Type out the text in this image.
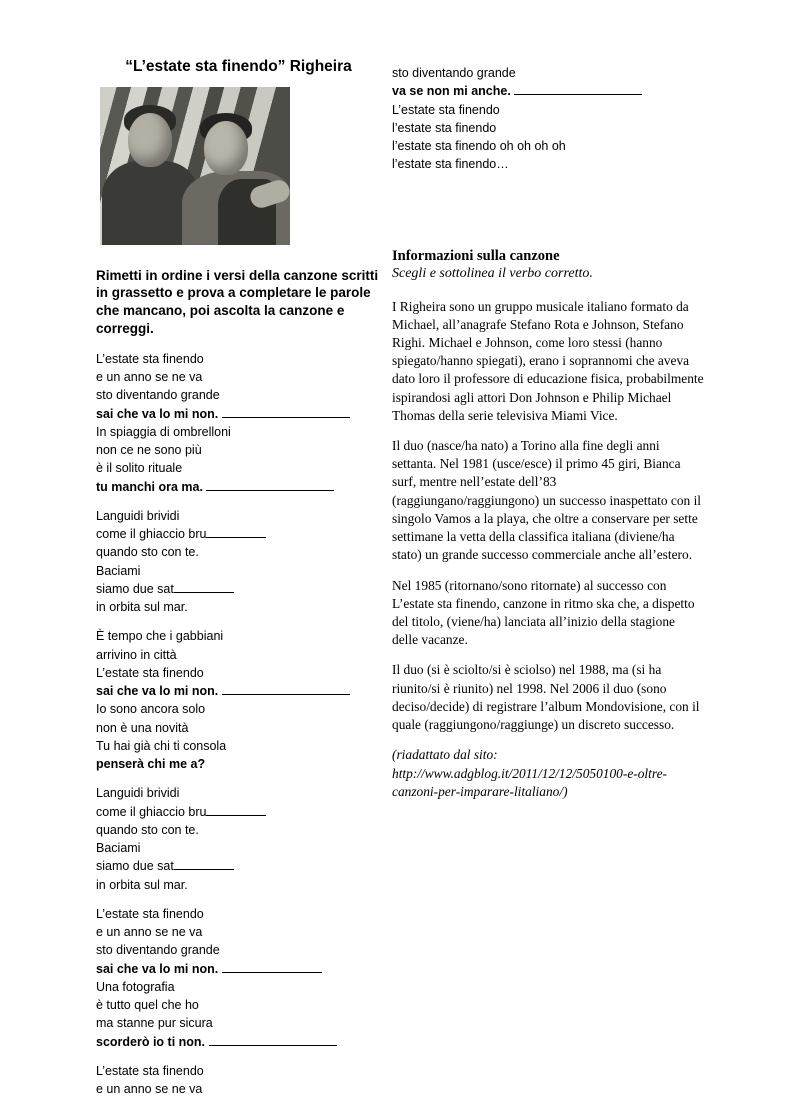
“L’estate sta finendo” Righeira
Rimetti in ordine i versi della canzone scritti in grassetto e prova a completare le parole che mancano, poi ascolta la canzone e correggi.
L’estate sta finendo
e un anno se ne va
sto diventando grande
sai che va lo mi non.
In spiaggia di ombrelloni
non ce ne sono più
è il solito rituale
tu manchi ora ma.
Languidi brividi
come il ghiaccio bru
quando sto con te.
Baciami
siamo due sat
in orbita sul mar.
È tempo che i gabbiani
arrivino in città
L’estate sta finendo
sai che va lo mi non.
Io sono ancora solo
non è una novità
Tu hai già chi ti consola
penserà chi me a?
Languidi brividi
come il ghiaccio bru
quando sto con te.
Baciami
siamo due sat
in orbita sul mar.
L’estate sta finendo
e un anno se ne va
sto diventando grande
sai che va lo mi non.
Una fotografia
è tutto quel che ho
ma stanne pur sicura
scorderò io ti non.
L’estate sta finendo
e un anno se ne va
sto diventando grande
va se non mi anche.
L’estate sta finendo
l’estate sta finendo
l’estate sta finendo oh oh oh oh
l’estate sta finendo…
Informazioni sulla canzone
Scegli e sottolinea il verbo corretto.

I Righeira sono un gruppo musicale italiano formato da Michael, all’anagrafe Stefano Rota e Johnson, Stefano Righi. Michael e Johnson, come loro stessi (hanno spiegato/hanno spiegati), erano i soprannomi che aveva dato loro il professore di educazione fisica, probabilmente ispirandosi agli attori Don Johnson e Philip Michael Thomas della serie televisiva Miami Vice.

Il duo (nasce/ha nato) a Torino alla fine degli anni settanta. Nel 1981 (usce/esce) il primo 45 giri, Bianca surf, mentre nell’estate dell’83 (raggiungano/raggiungono) un successo inaspettato con il singolo Vamos a la playa, che oltre a conservare per sette settimane la vetta della classifica italiana (diviene/ha stato) un grande successo commerciale anche all’estero.

Nel 1985 (ritornano/sono ritornate) al successo con L’estate sta finendo, canzone in ritmo ska che, a dispetto del titolo, (viene/ha) lanciata all’inizio della stagione delle vacanze.

Il duo (si è sciolto/si è sciolso) nel 1988, ma (si ha riunito/si è riunito) nel 1998. Nel 2006 il duo (sono deciso/decide) di registrare l’album Mondovisione, con il quale (raggiungono/raggiunge) un discreto successo.

(riadattato dal sito: http://www.adgblog.it/2011/12/12/5050100-e-oltre-canzoni-per-imparare-litaliano/)
